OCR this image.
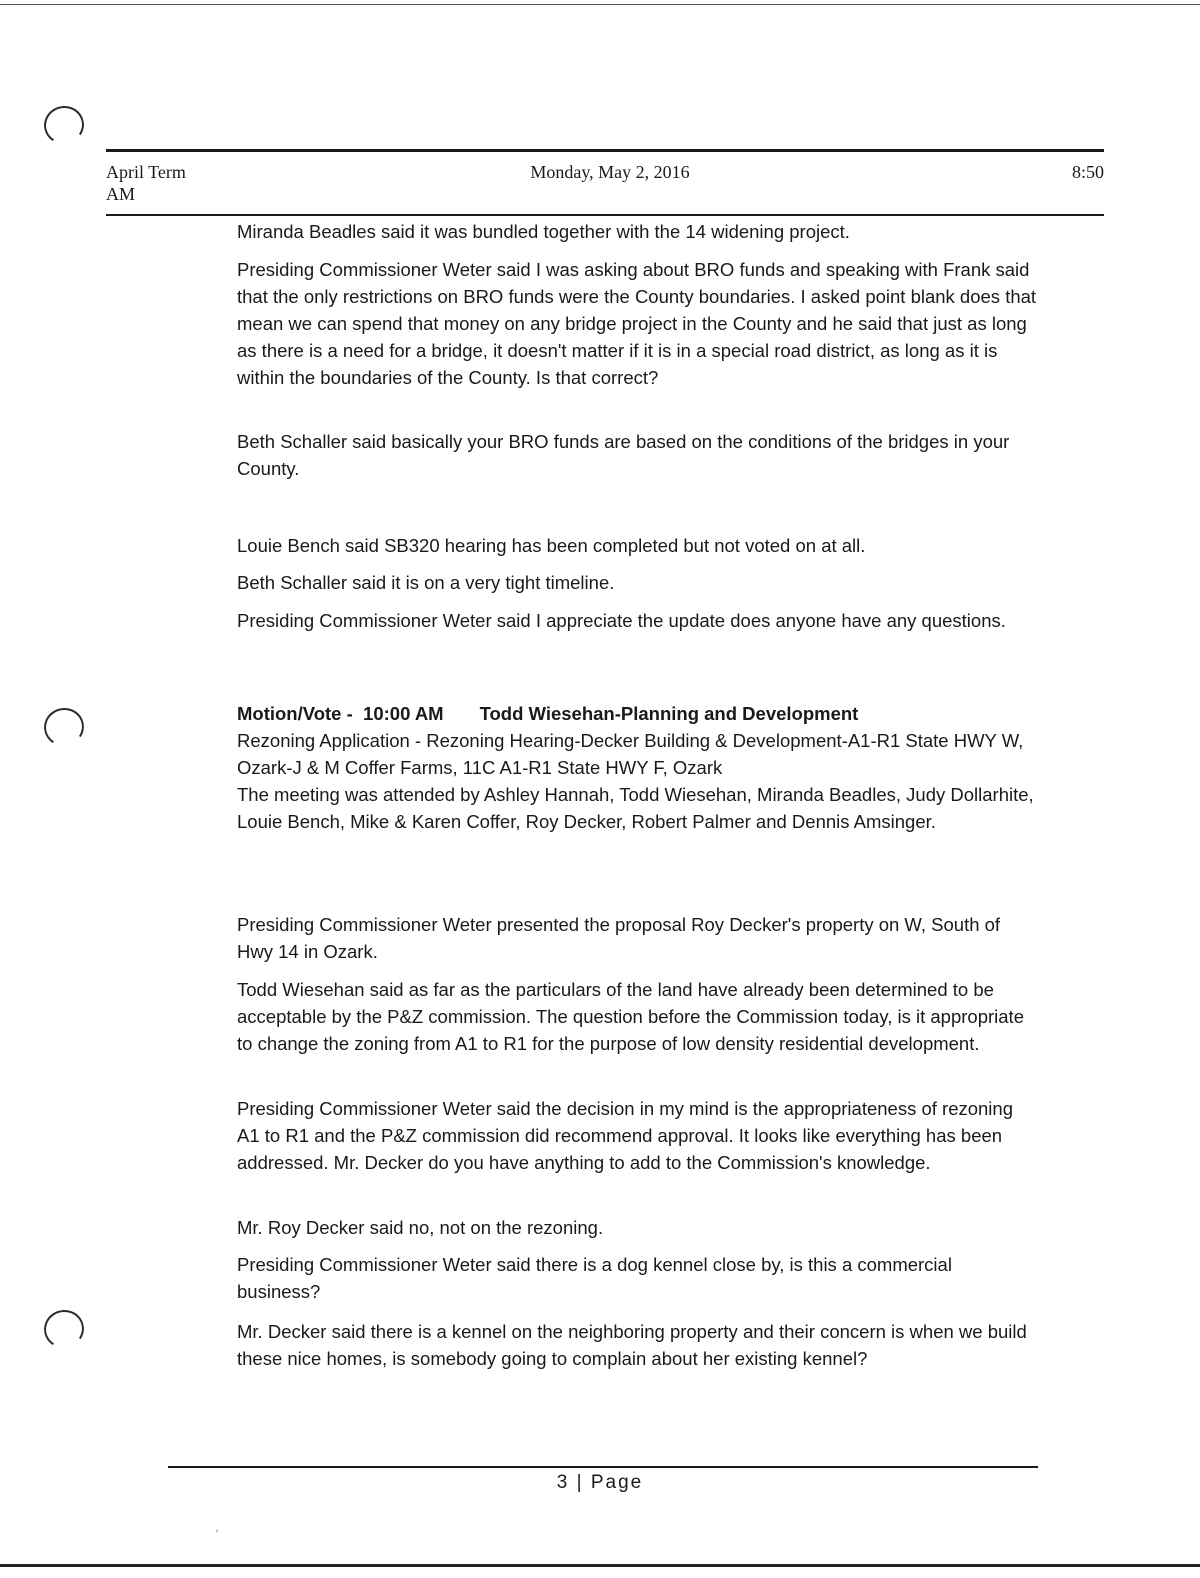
April Term
AM
Monday, May 2, 2016	8:50

Miranda Beadles said it was bundled together with the 14 widening project.

Presiding Commissioner Weter said I was asking about BRO funds and speaking with Frank said that the only restrictions on BRO funds were the County boundaries. I asked point blank does that mean we can spend that money on any bridge project in the County and he said that just as long as there is a need for a bridge, it doesn't matter if it is in a special road district, as long as it is within the boundaries of the County. Is that correct?

Beth Schaller said basically your BRO funds are based on the conditions of the bridges in your County.

Louie Bench said SB320 hearing has been completed but not voted on at all.

Beth Schaller said it is on a very tight timeline.

Presiding Commissioner Weter said I appreciate the update does anyone have any questions.

Motion/Vote -  10:00 AM       Todd Wiesehan-Planning and Development

Rezoning Application - Rezoning Hearing-Decker Building & Development-A1-R1 State HWY W, Ozark-J & M Coffer Farms, 11C A1-R1 State HWY F, Ozark

The meeting was attended by Ashley Hannah, Todd Wiesehan, Miranda Beadles, Judy Dollarhite, Louie Bench, Mike & Karen Coffer, Roy Decker, Robert Palmer and Dennis Amsinger.

Presiding Commissioner Weter presented the proposal Roy Decker's property on W, South of Hwy 14 in Ozark.

Todd Wiesehan said as far as the particulars of the land have already been determined to be acceptable by the P&Z commission. The question before the Commission today, is it appropriate to change the zoning from A1 to R1 for the purpose of low density residential development.

Presiding Commissioner Weter said the decision in my mind is the appropriateness of rezoning A1 to R1 and the P&Z commission did recommend approval. It looks like everything has been addressed. Mr. Decker do you have anything to add to the Commission's knowledge.

Mr. Roy Decker said no, not on the rezoning.

Presiding Commissioner Weter said there is a dog kennel close by, is this a commercial business?

Mr. Decker said there is a kennel on the neighboring property and their concern is when we build these nice homes, is somebody going to complain about her existing kennel?

3 | Page
′
